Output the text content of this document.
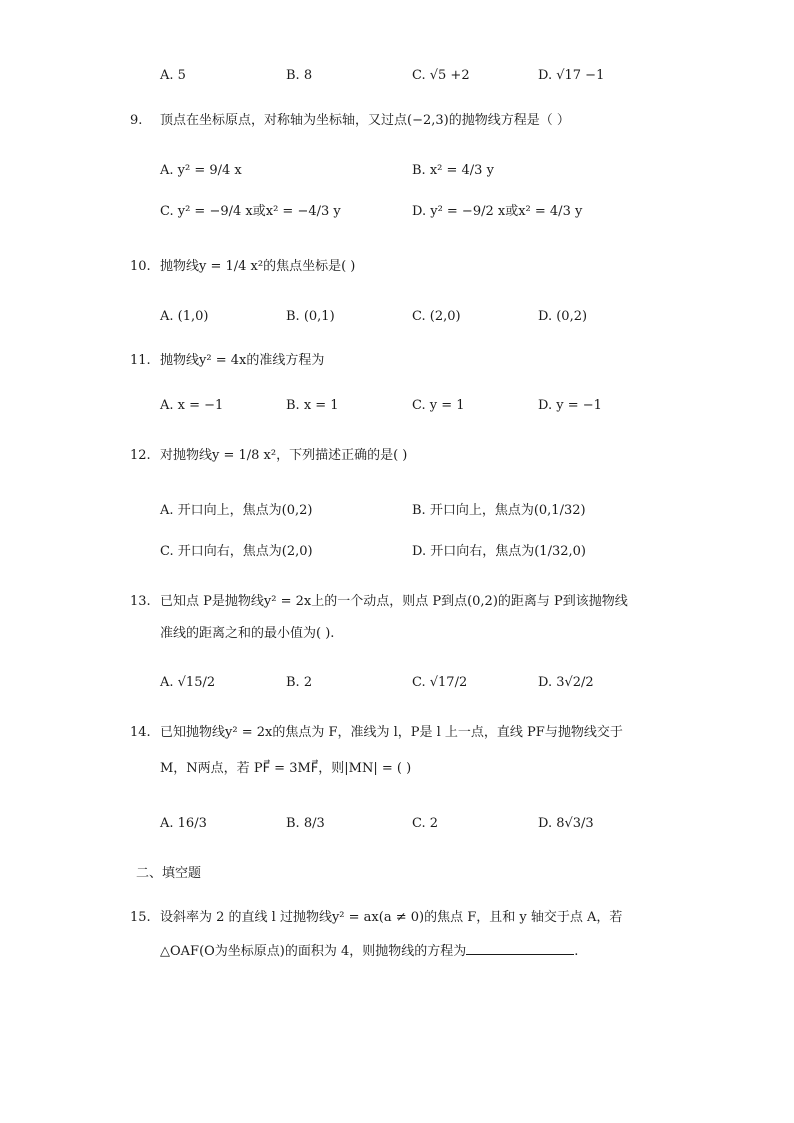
A. 5	B. 8	C. √5 +2	D. √17 −1
9. 顶点在坐标原点，对称轴为坐标轴，又过点(−2,3)的抛物线方程是（ ）
A. y² = 9/4 x	B. x² = 4/3 y
C. y² = −9/4 x或x² = −4/3 y	D. y² = −9/2 x或x² = 4/3 y
10. 抛物线y = 1/4 x²的焦点坐标是( )
A. (1,0)	B. (0,1)	C. (2,0)	D. (0,2)
11. 抛物线y² = 4x的准线方程为
A. x = −1	B. x = 1	C. y = 1	D. y = −1
12. 对抛物线y = 1/8 x²，下列描述正确的是( )
A. 开口向上，焦点为(0,2)	B. 开口向上，焦点为(0,1/32)
C. 开口向右，焦点为(2,0)	D. 开口向右，焦点为(1/32,0)
13. 已知点 P是抛物线y² = 2x上的一个动点，则点 P到点(0,2)的距离与 P到该抛物线
准线的距离之和的最小值为( ).
A. √15/2	B. 2	C. √17/2	D. 3√2/2
14. 已知抛物线y² = 2x的焦点为 F，准线为 l，P是 l 上一点，直线 PF与抛物线交于
M，N两点，若 PF⃗ = 3MF⃗，则|MN| = ( )
A. 16/3	B. 8/3	C. 2	D. 8√3/3
二、填空题
15. 设斜率为 2 的直线 l 过抛物线y² = ax(a ≠ 0)的焦点 F，且和 y 轴交于点 A，若
△OAF(O为坐标原点)的面积为 4，则抛物线的方程为	.
